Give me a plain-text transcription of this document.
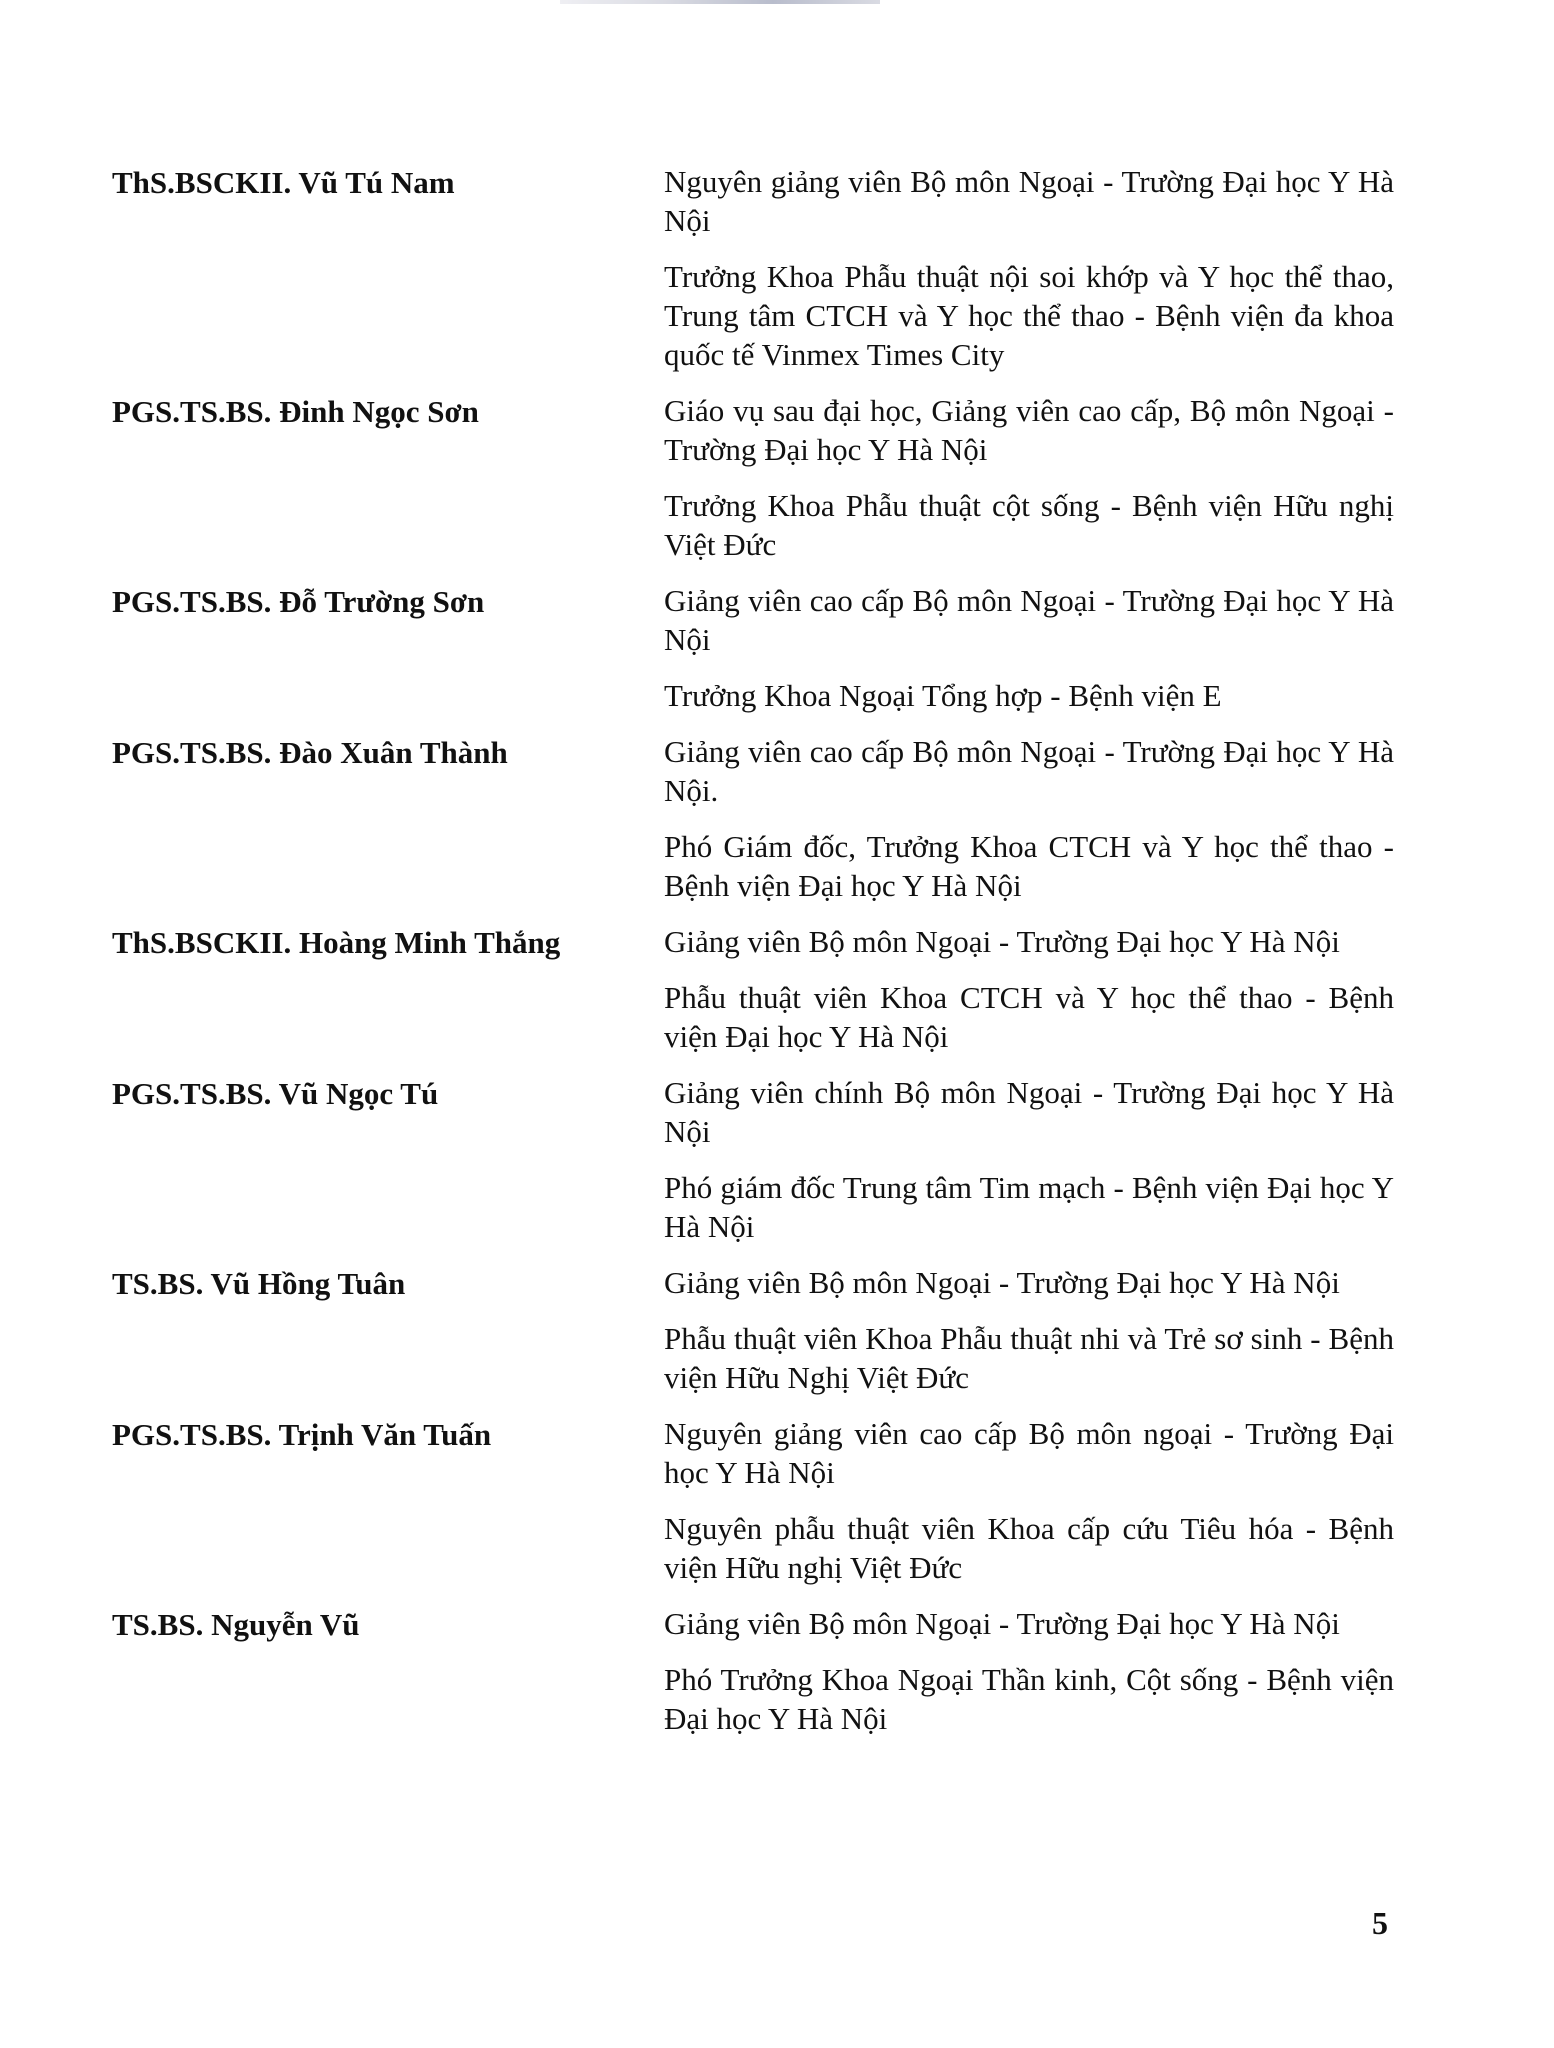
ThS.BSCKII. Vũ Tú Nam	Nguyên giảng viên Bộ môn Ngoại - Trường Đại học Y Hà Nội
Trưởng Khoa Phẫu thuật nội soi khớp và Y học thể thao, Trung tâm CTCH và Y học thể thao - Bệnh viện đa khoa quốc tế Vinmex Times City
PGS.TS.BS. Đinh Ngọc Sơn	Giáo vụ sau đại học, Giảng viên cao cấp, Bộ môn Ngoại - Trường Đại học Y Hà Nội
Trưởng Khoa Phẫu thuật cột sống - Bệnh viện Hữu nghị Việt Đức
PGS.TS.BS. Đỗ Trường Sơn	Giảng viên cao cấp Bộ môn Ngoại - Trường Đại học Y Hà Nội
Trưởng Khoa Ngoại Tổng hợp - Bệnh viện E
PGS.TS.BS. Đào Xuân Thành	Giảng viên cao cấp Bộ môn Ngoại - Trường Đại học Y Hà Nội.
Phó Giám đốc, Trưởng Khoa CTCH và Y học thể thao - Bệnh viện Đại học Y Hà Nội
ThS.BSCKII. Hoàng Minh Thắng	Giảng viên Bộ môn Ngoại - Trường Đại học Y Hà Nội
Phẫu thuật viên Khoa CTCH và Y học thể thao - Bệnh viện Đại học Y Hà Nội
PGS.TS.BS. Vũ Ngọc Tú	Giảng viên chính Bộ môn Ngoại - Trường Đại học Y Hà Nội
Phó giám đốc Trung tâm Tim mạch - Bệnh viện Đại học Y Hà Nội
TS.BS. Vũ Hồng Tuân	Giảng viên Bộ môn Ngoại - Trường Đại học Y Hà Nội
Phẫu thuật viên Khoa Phẫu thuật nhi và Trẻ sơ sinh - Bệnh viện Hữu Nghị Việt Đức
PGS.TS.BS. Trịnh Văn Tuấn	Nguyên giảng viên cao cấp Bộ môn ngoại - Trường Đại học Y Hà Nội
Nguyên phẫu thuật viên Khoa cấp cứu Tiêu hóa - Bệnh viện Hữu nghị Việt Đức
TS.BS. Nguyễn Vũ	Giảng viên Bộ môn Ngoại - Trường Đại học Y Hà Nội
Phó Trưởng Khoa Ngoại Thần kinh, Cột sống - Bệnh viện Đại học Y Hà Nội
5
